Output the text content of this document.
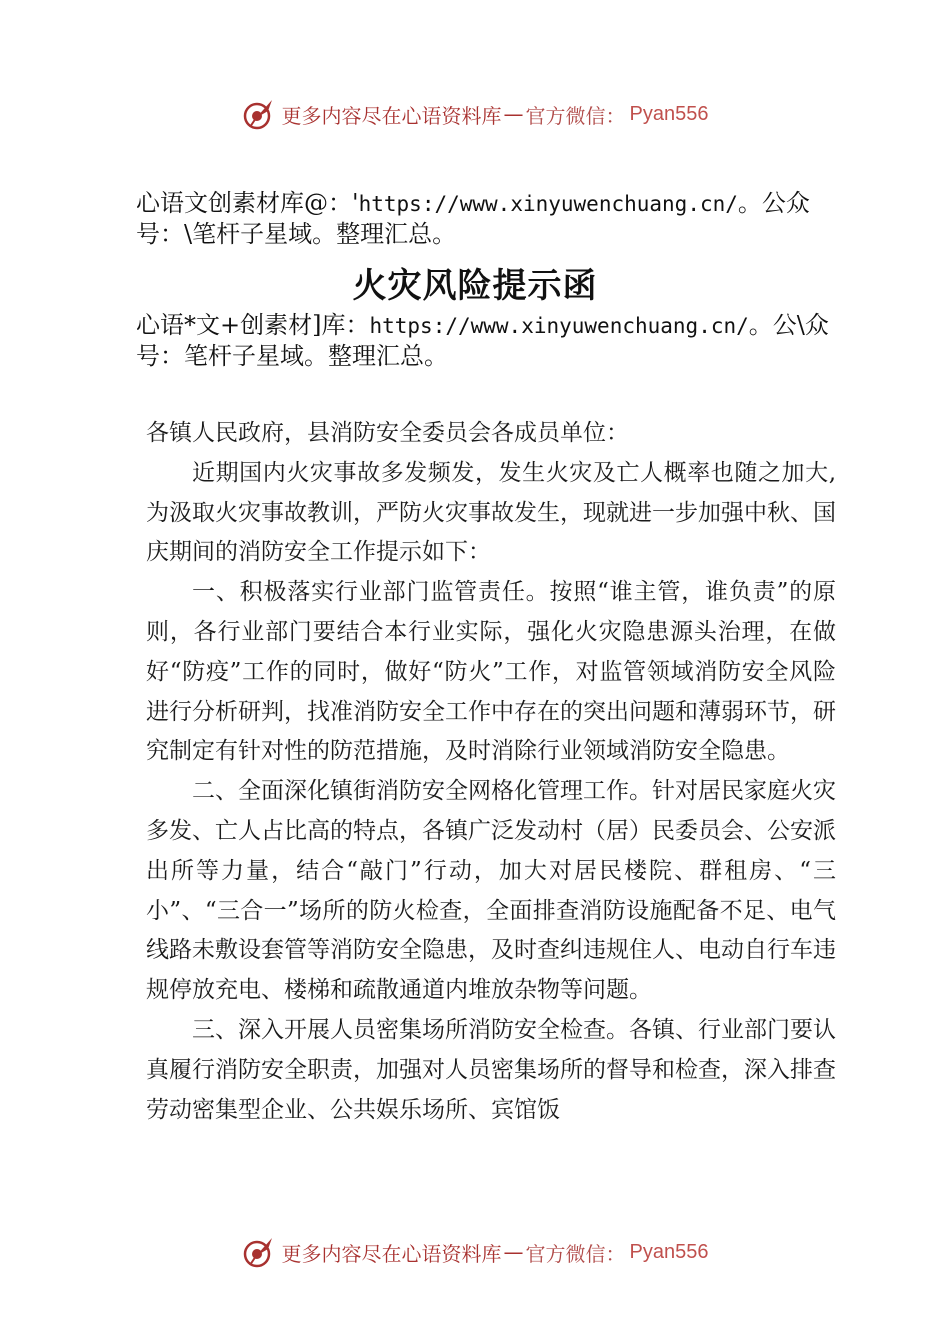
更多内容尽在心语资料库 — 官方微信： Pyan556

心语文创素材库@：'https://www.xinyuwenchuang.cn/。公众号：\笔杆子星域。整理汇总。

火灾风险提示函

心语*文+创素材]库：https://www.xinyuwenchuang.cn/。公\众号：笔杆子星域。整理汇总。

各镇人民政府，县消防安全委员会各成员单位：

近期国内火灾事故多发频发，发生火灾及亡人概率也随之加大,为汲取火灾事故教训，严防火灾事故发生，现就进一步加强中秋、国庆期间的消防安全工作提示如下：

一、积极落实行业部门监管责任。按照“谁主管，谁负责”的原则，各行业部门要结合本行业实际，强化火灾隐患源头治理，在做好“防疫”工作的同时，做好“防火”工作，对监管领域消防安全风险进行分析研判，找准消防安全工作中存在的突出问题和薄弱环节，研究制定有针对性的防范措施，及时消除行业领域消防安全隐患。

二、全面深化镇街消防安全网格化管理工作。针对居民家庭火灾多发、亡人占比高的特点，各镇广泛发动村（居）民委员会、公安派出所等力量，结合“敲门”行动，加大对居民楼院、群租房、“三小”、“三合一”场所的防火检查，全面排查消防设施配备不足、电气线路未敷设套管等消防安全隐患，及时查纠违规住人、电动自行车违规停放充电、楼梯和疏散通道内堆放杂物等问题。

三、深入开展人员密集场所消防安全检查。各镇、行业部门要认真履行消防安全职责，加强对人员密集场所的督导和检查，深入排查劳动密集型企业、公共娱乐场所、宾馆饭

更多内容尽在心语资料库 — 官方微信： Pyan556
